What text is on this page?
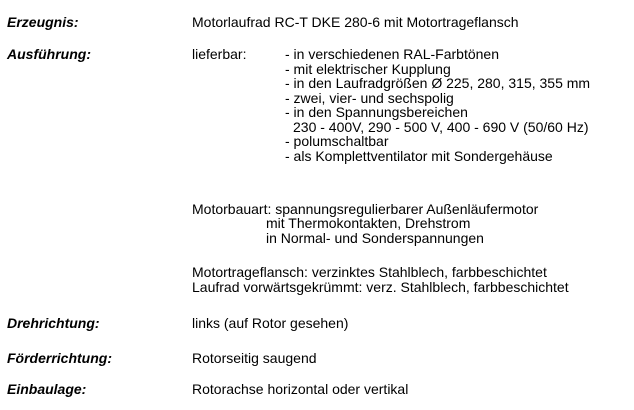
Erzeugnis:	Motorlaufrad RC-T DKE 280-6 mit Motortrageflansch
Ausführung:	lieferbar:	- in verschiedenen RAL-Farbtönen
- mit elektrischer Kupplung
- in den Laufradgrößen Ø 225, 280, 315, 355 mm
- zwei, vier- und sechspolig
- in den Spannungsbereichen
230 - 400V, 290 - 500 V, 400 - 690 V (50/60 Hz)
- polumschaltbar
- als Komplettventilator mit Sondergehäuse
Motorbauart: spannungsregulierbarer Außenläufermotor
mit Thermokontakten, Drehstrom
in Normal- und Sonderspannungen
Motortrageflansch: verzinktes Stahlblech, farbbeschichtet
Laufrad vorwärtsgekrümmt: verz. Stahlblech, farbbeschichtet
Drehrichtung:	links (auf Rotor gesehen)
Förderrichtung:	Rotorseitig saugend
Einbaulage:	Rotorachse horizontal oder vertikal
